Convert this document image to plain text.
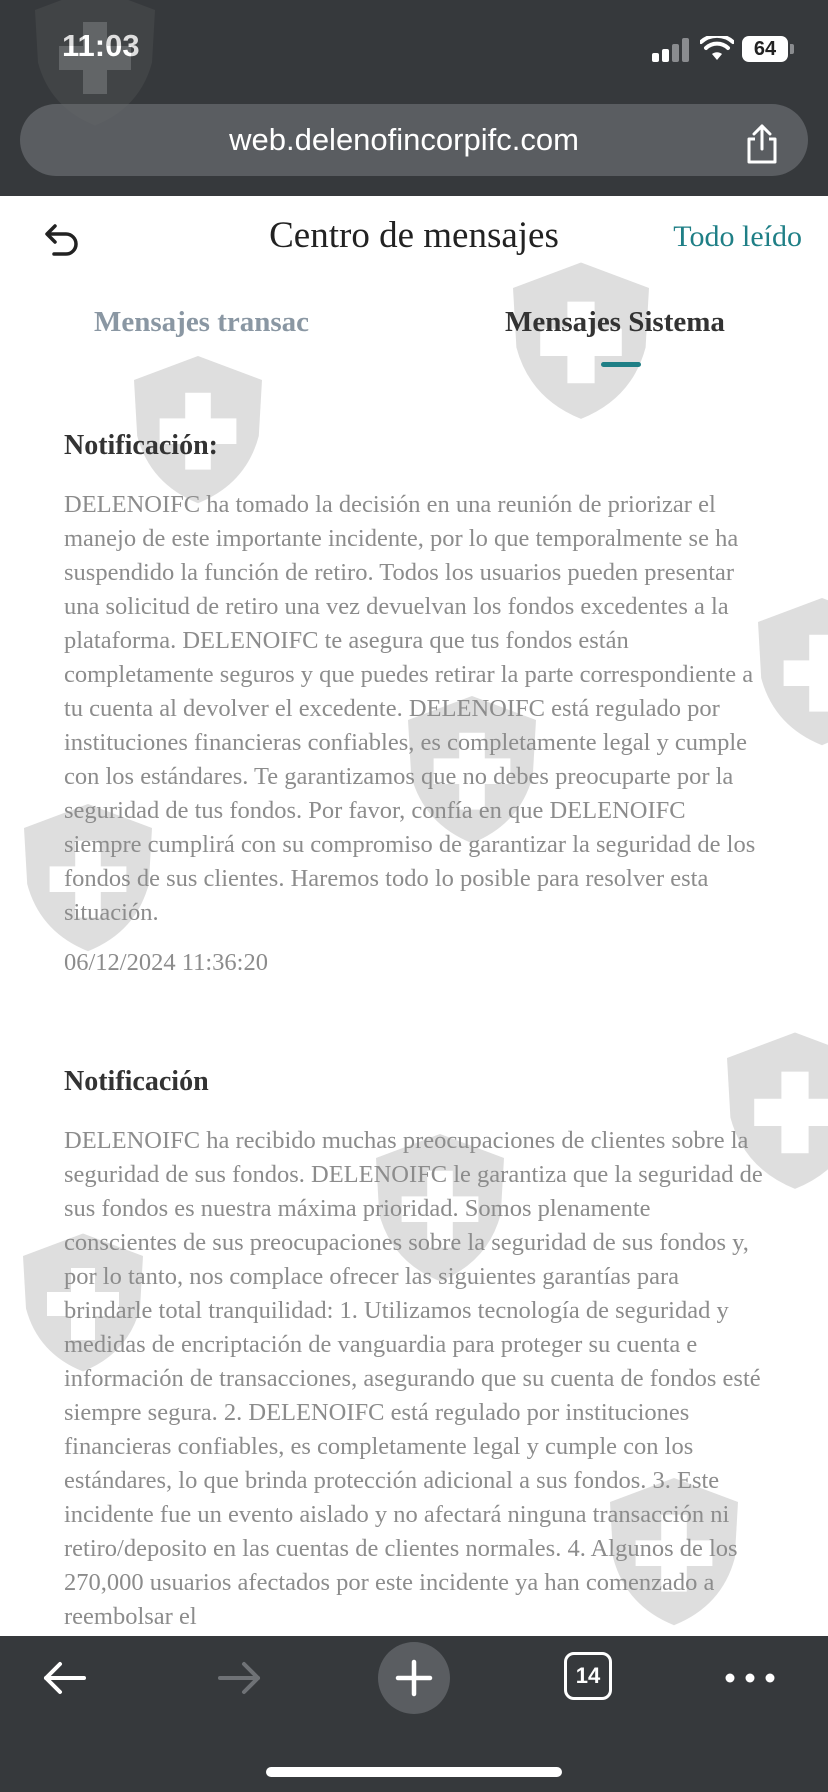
11:03	64
web.delenofincorpifc.com
Centro de mensajes	Todo leído
Mensajes transac	Mensajes Sistema
Notificación:
DELENOIFC ha tomado la decisión en una reunión de priorizar el manejo de este importante incidente, por lo que temporalmente se ha suspendido la función de retiro. Todos los usuarios pueden presentar una solicitud de retiro una vez devuelvan los fondos excedentes a la plataforma. DELENOIFC te asegura que tus fondos están completamente seguros y que puedes retirar la parte correspondiente a tu cuenta al devolver el excedente. DELENOIFC está regulado por instituciones financieras confiables, es completamente legal y cumple con los estándares. Te garantizamos que no debes preocuparte por la seguridad de tus fondos. Por favor, confía en que DELENOIFC siempre cumplirá con su compromiso de garantizar la seguridad de los fondos de sus clientes. Haremos todo lo posible para resolver esta situación.
06/12/2024 11:36:20
Notificación
DELENOIFC ha recibido muchas preocupaciones de clientes sobre la seguridad de sus fondos. DELENOIFC le garantiza que la seguridad de sus fondos es nuestra máxima prioridad. Somos plenamente conscientes de sus preocupaciones sobre la seguridad de sus fondos y, por lo tanto, nos complace ofrecer las siguientes garantías para brindarle total tranquilidad: 1. Utilizamos tecnología de seguridad y medidas de encriptación de vanguardia para proteger su cuenta e información de transacciones, asegurando que su cuenta de fondos esté siempre segura. 2. DELENOIFC está regulado por instituciones financieras confiables, es completamente legal y cumple con los estándares, lo que brinda protección adicional a sus fondos. 3. Este incidente fue un evento aislado y no afectará ninguna transacción ni retiro/deposito en las cuentas de clientes normales. 4. Algunos de los 270,000 usuarios afectados por este incidente ya han comenzado a reembolsar el
14
